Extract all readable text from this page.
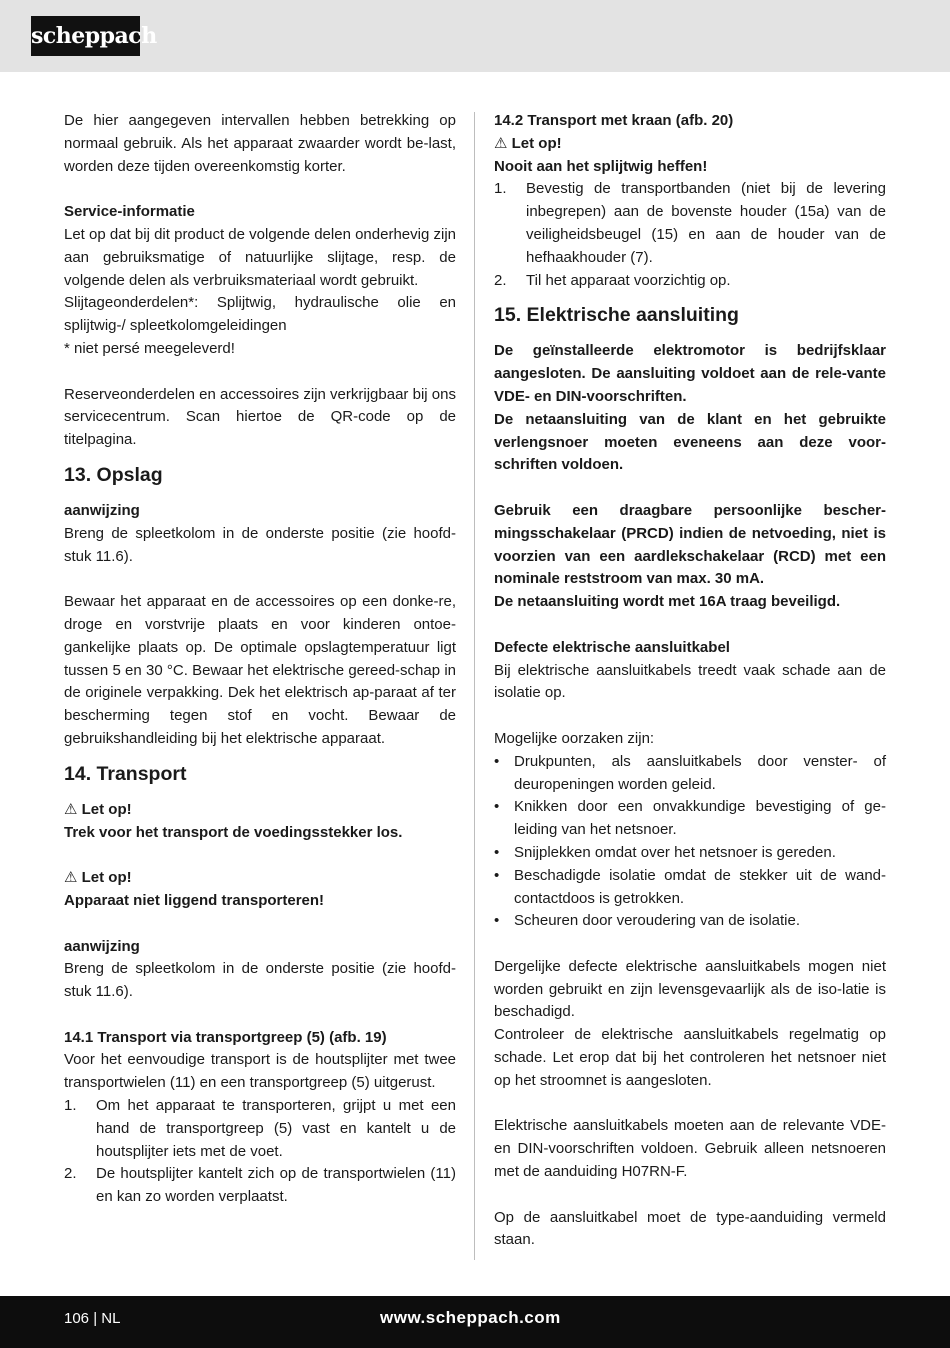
scheppach

De hier aangegeven intervallen hebben betrekking op normaal gebruik. Als het apparaat zwaarder wordt be-last, worden deze tijden overeenkomstig korter.

Service-informatie

Let op dat bij dit product de volgende delen onderhevig zijn aan gebruiksmatige of natuurlijke slijtage, resp. de volgende delen als verbruiksmateriaal wordt gebruikt.

Slijtageonderdelen*: Splijtwig, hydraulische olie en splijtwig-/ spleetkolomgeleidingen

* niet persé meegeleverd!

Reserveonderdelen en accessoires zijn verkrijgbaar bij ons servicecentrum. Scan hiertoe de QR-code op de titelpagina.

13. Opslag

aanwijzing

Breng de spleetkolom in de onderste positie (zie hoofd-stuk 11.6).

Bewaar het apparaat en de accessoires op een donke-re, droge en vorstvrije plaats en voor kinderen ontoe-gankelijke plaats op. De optimale opslagtemperatuur ligt tussen 5 en 30 °C. Bewaar het elektrische gereed-schap in de originele verpakking. Dek het elektrisch ap-paraat af ter bescherming tegen stof en vocht. Bewaar de gebruikshandleiding bij het elektrische apparaat.

14. Transport

⚠ Let op!

Trek voor het transport de voedingsstekker los.

⚠ Let op!

Apparaat niet liggend transporteren!

aanwijzing

Breng de spleetkolom in de onderste positie (zie hoofd-stuk 11.6).

14.1 Transport via transportgreep (5) (afb. 19)

Voor het eenvoudige transport is de houtsplijter met twee transportwielen (11) en een transportgreep (5) uitgerust.

1. Om het apparaat te transporteren, grijpt u met een hand de transportgreep (5) vast en kantelt u de houtsplijter iets met de voet.
2. De houtsplijter kantelt zich op de transportwielen (11) en kan zo worden verplaatst.

14.2 Transport met kraan (afb. 20)

⚠ Let op!

Nooit aan het splijtwig heffen!

1. Bevestig de transportbanden (niet bij de levering inbegrepen) aan de bovenste houder (15a) van de veiligheidsbeugel (15) en aan de houder van de hefhaakhouder (7).
2. Til het apparaat voorzichtig op.
15. Elektrische aansluiting

De geïnstalleerde elektromotor is bedrijfsklaar aangesloten. De aansluiting voldoet aan de rele-vante VDE- en DIN-voorschriften.

De netaansluiting van de klant en het gebruikte verlengsnoer moeten eveneens aan deze voor-schriften voldoen.

Gebruik een draagbare persoonlijke bescher-mingsschakelaar (PRCD) indien de netvoeding, niet is voorzien van een aardlekschakelaar (RCD) met een nominale reststroom van max. 30 mA.

De netaansluiting wordt met 16A traag beveiligd.

Defecte elektrische aansluitkabel

Bij elektrische aansluitkabels treedt vaak schade aan de isolatie op.

Mogelijke oorzaken zijn:

• Drukpunten, als aansluitkabels door venster- of deuropeningen worden geleid.
• Knikken door een onvakkundige bevestiging of ge-leiding van het netsnoer.
• Snijplekken omdat over het netsnoer is gereden.
• Beschadigde isolatie omdat de stekker uit de wand-contactdoos is getrokken.
• Scheuren door veroudering van de isolatie.

Dergelijke defecte elektrische aansluitkabels mogen niet worden gebruikt en zijn levensgevaarlijk als de iso-latie is beschadigd.

Controleer de elektrische aansluitkabels regelmatig op schade. Let erop dat bij het controleren het netsnoer niet op het stroomnet is aangesloten.

Elektrische aansluitkabels moeten aan de relevante VDE- en DIN-voorschriften voldoen. Gebruik alleen netsnoeren met de aanduiding H07RN-F.

Op de aansluitkabel moet de type-aanduiding vermeld staan.

106 | NL	www.scheppach.com
